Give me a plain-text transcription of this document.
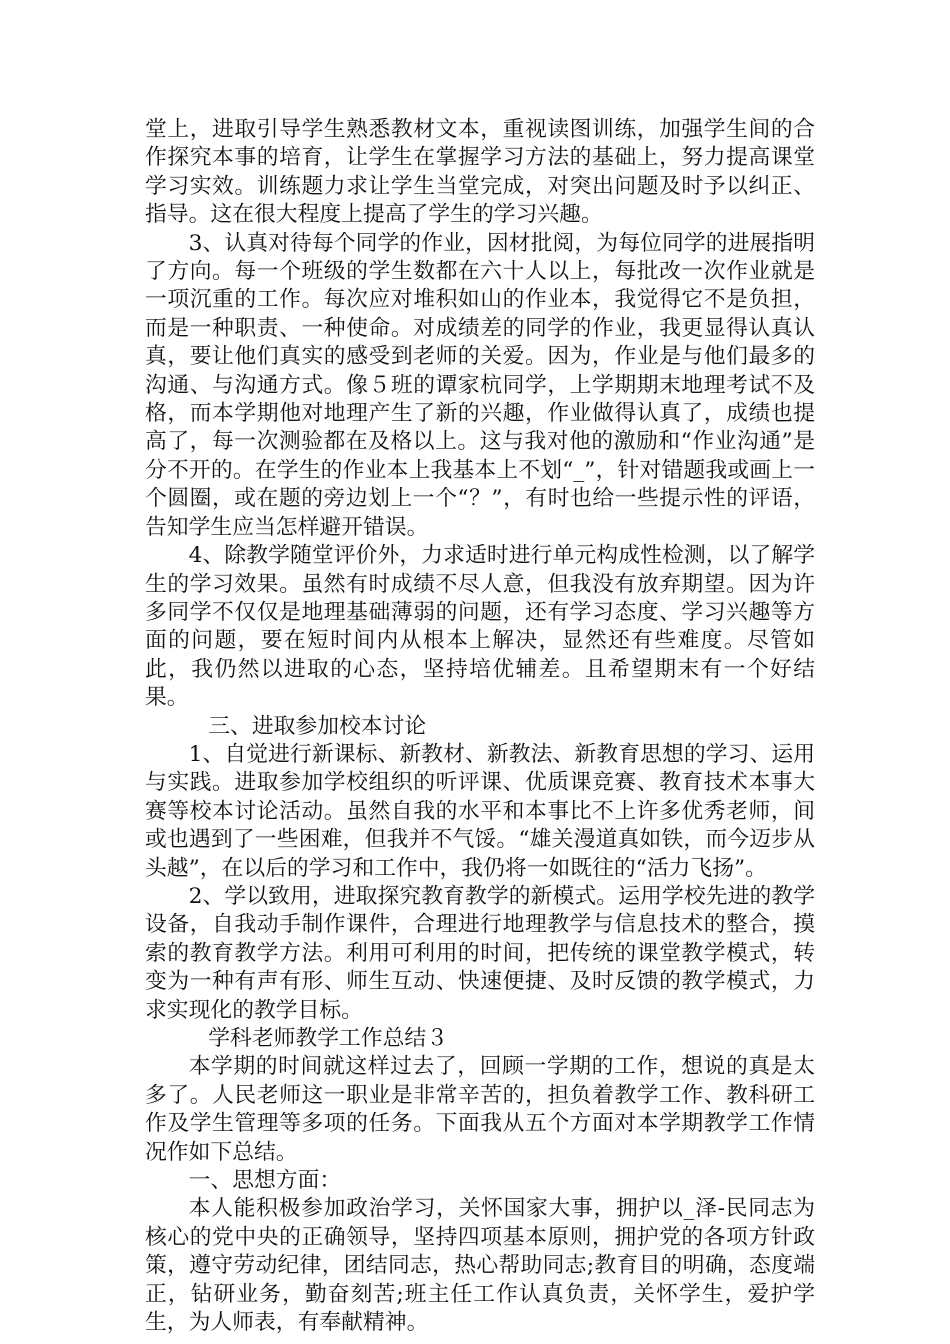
堂上，进取引导学生熟悉教材文本，重视读图训练，加强学生间的合作探究本事的培育，让学生在掌握学习方法的基础上，努力提高课堂学习实效。训练题力求让学生当堂完成，对突出问题及时予以纠正、指导。这在很大程度上提高了学生的学习兴趣。

3、认真对待每个同学的作业，因材批阅，为每位同学的进展指明了方向。每一个班级的学生数都在六十人以上，每批改一次作业就是一项沉重的工作。每次应对堆积如山的作业本，我觉得它不是负担，而是一种职责、一种使命。对成绩差的同学的作业，我更显得认真认真，要让他们真实的感受到老师的关爱。因为，作业是与他们最多的沟通、与沟通方式。像５班的谭家杭同学，上学期期末地理考试不及格，而本学期他对地理产生了新的兴趣，作业做得认真了，成绩也提高了，每一次测验都在及格以上。这与我对他的激励和“作业沟通”是分不开的。在学生的作业本上我基本上不划“_”，针对错题我或画上一个圆圈，或在题的旁边划上一个“？”，有时也给一些提示性的评语，告知学生应当怎样避开错误。

4、除教学随堂评价外，力求适时进行单元构成性检测，以了解学生的学习效果。虽然有时成绩不尽人意，但我没有放弃期望。因为许多同学不仅仅是地理基础薄弱的问题，还有学习态度、学习兴趣等方面的问题，要在短时间内从根本上解决，显然还有些难度。尽管如此，我仍然以进取的心态，坚持培优辅差。且希望期末有一个好结果。

三、进取参加校本讨论

1、自觉进行新课标、新教材、新教法、新教育思想的学习、运用与实践。进取参加学校组织的听评课、优质课竞赛、教育技术本事大赛等校本讨论活动。虽然自我的水平和本事比不上许多优秀老师，间或也遇到了一些困难，但我并不气馁。“雄关漫道真如铁，而今迈步从头越”，在以后的学习和工作中，我仍将一如既往的“活力飞扬”。

2、学以致用，进取探究教育教学的新模式。运用学校先进的教学设备，自我动手制作课件，合理进行地理教学与信息技术的整合，摸索的教育教学方法。利用可利用的时间，把传统的课堂教学模式，转变为一种有声有形、师生互动、快速便捷、及时反馈的教学模式，力求实现化的教学目标。

学科老师教学工作总结３

本学期的时间就这样过去了，回顾一学期的工作，想说的真是太多了。人民老师这一职业是非常辛苦的，担负着教学工作、教科研工作及学生管理等多项的任务。下面我从五个方面对本学期教学工作情况作如下总结。

一、思想方面：

本人能积极参加政治学习，关怀国家大事，拥护以_泽-民同志为核心的党中央的正确领导，坚持四项基本原则，拥护党的各项方针政策，遵守劳动纪律，团结同志，热心帮助同志;教育目的明确，态度端正，钻研业务，勤奋刻苦;班主任工作认真负责，关怀学生，爱护学生，为人师表，有奉献精神。
